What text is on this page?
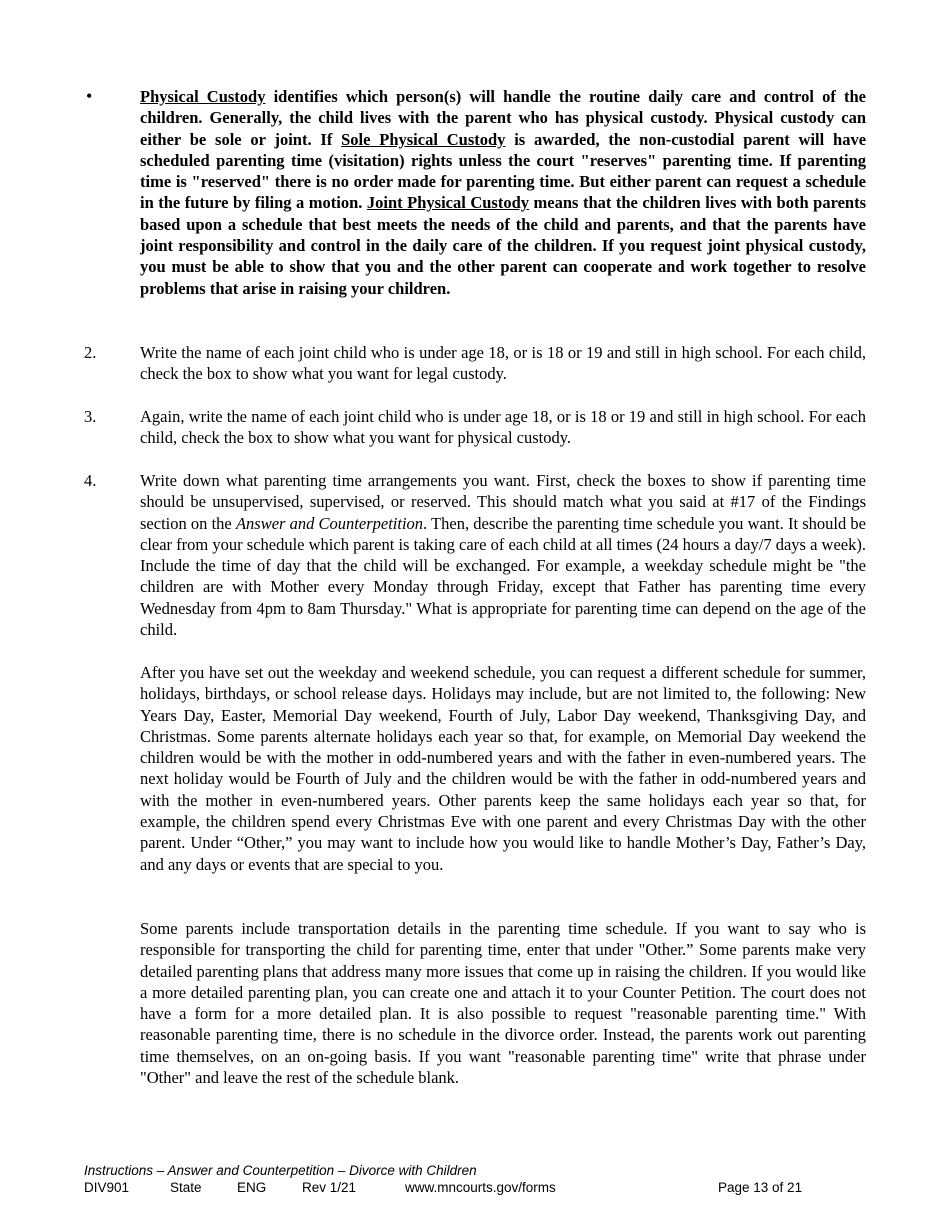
•	Physical Custody identifies which person(s) will handle the routine daily care and control of the children. Generally, the child lives with the parent who has physical custody. Physical custody can either be sole or joint. If Sole Physical Custody is awarded, the non-custodial parent will have scheduled parenting time (visitation) rights unless the court "reserves" parenting time. If parenting time is "reserved" there is no order made for parenting time. But either parent can request a schedule in the future by filing a motion. Joint Physical Custody means that the children lives with both parents based upon a schedule that best meets the needs of the child and parents, and that the parents have joint responsibility and control in the daily care of the children. If you request joint physical custody, you must be able to show that you and the other parent can cooperate and work together to resolve problems that arise in raising your children.
2.	Write the name of each joint child who is under age 18, or is 18 or 19 and still in high school. For each child, check the box to show what you want for legal custody.
3.	Again, write the name of each joint child who is under age 18, or is 18 or 19 and still in high school. For each child, check the box to show what you want for physical custody.
4.	Write down what parenting time arrangements you want. First, check the boxes to show if parenting time should be unsupervised, supervised, or reserved. This should match what you said at #17 of the Findings section on the Answer and Counterpetition. Then, describe the parenting time schedule you want. It should be clear from your schedule which parent is taking care of each child at all times (24 hours a day/7 days a week). Include the time of day that the child will be exchanged. For example, a weekday schedule might be "the children are with Mother every Monday through Friday, except that Father has parenting time every Wednesday from 4pm to 8am Thursday." What is appropriate for parenting time can depend on the age of the child.
After you have set out the weekday and weekend schedule, you can request a different schedule for summer, holidays, birthdays, or school release days. Holidays may include, but are not limited to, the following: New Years Day, Easter, Memorial Day weekend, Fourth of July, Labor Day weekend, Thanksgiving Day, and Christmas. Some parents alternate holidays each year so that, for example, on Memorial Day weekend the children would be with the mother in odd-numbered years and with the father in even-numbered years. The next holiday would be Fourth of July and the children would be with the father in odd-numbered years and with the mother in even-numbered years. Other parents keep the same holidays each year so that, for example, the children spend every Christmas Eve with one parent and every Christmas Day with the other parent. Under “Other,” you may want to include how you would like to handle Mother’s Day, Father’s Day, and any days or events that are special to you.
Some parents include transportation details in the parenting time schedule. If you want to say who is responsible for transporting the child for parenting time, enter that under "Other.” Some parents make very detailed parenting plans that address many more issues that come up in raising the children. If you would like a more detailed parenting plan, you can create one and attach it to your Counter Petition. The court does not have a form for a more detailed plan. It is also possible to request "reasonable parenting time." With reasonable parenting time, there is no schedule in the divorce order. Instead, the parents work out parenting time themselves, on an on-going basis. If you want "reasonable parenting time" write that phrase under "Other" and leave the rest of the schedule blank.
Instructions – Answer and Counterpetition – Divorce with Children
DIV901	State	ENG	Rev 1/21	www.mncourts.gov/forms	Page 13 of 21
